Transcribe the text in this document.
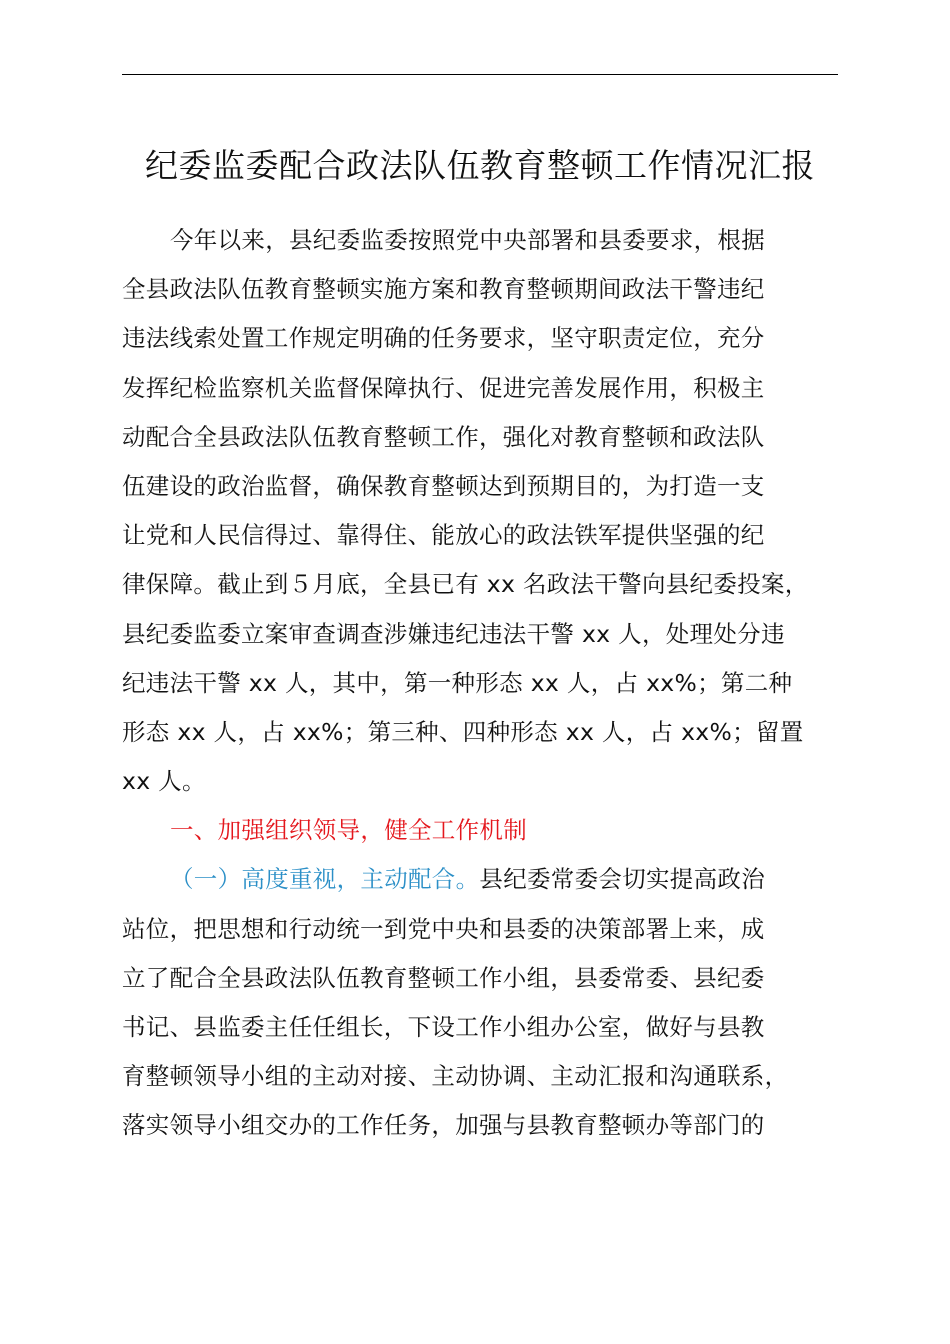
纪委监委配合政法队伍教育整顿工作情况汇报
今年以来，县纪委监委按照党中央部署和县委要求，根据
全县政法队伍教育整顿实施方案和教育整顿期间政法干警违纪
违法线索处置工作规定明确的任务要求，坚守职责定位，充分
发挥纪检监察机关监督保障执行、促进完善发展作用，积极主
动配合全县政法队伍教育整顿工作，强化对教育整顿和政法队
伍建设的政治监督，确保教育整顿达到预期目的，为打造一支
让党和人民信得过、靠得住、能放心的政法铁军提供坚强的纪
律保障。截止到５月底，全县已有 xx 名政法干警向县纪委投案，
县纪委监委立案审查调查涉嫌违纪违法干警 xx 人，处理处分违
纪违法干警 xx 人，其中，第一种形态 xx 人，占 xx%；第二种
形态 xx 人，占 xx%；第三种、四种形态 xx 人，占 xx%；留置
xx 人。
一、加强组织领导，健全工作机制
（一）高度重视，主动配合。县纪委常委会切实提高政治
站位，把思想和行动统一到党中央和县委的决策部署上来，成
立了配合全县政法队伍教育整顿工作小组，县委常委、县纪委
书记、县监委主任任组长，下设工作小组办公室，做好与县教
育整顿领导小组的主动对接、主动协调、主动汇报和沟通联系，
落实领导小组交办的工作任务，加强与县教育整顿办等部门的
